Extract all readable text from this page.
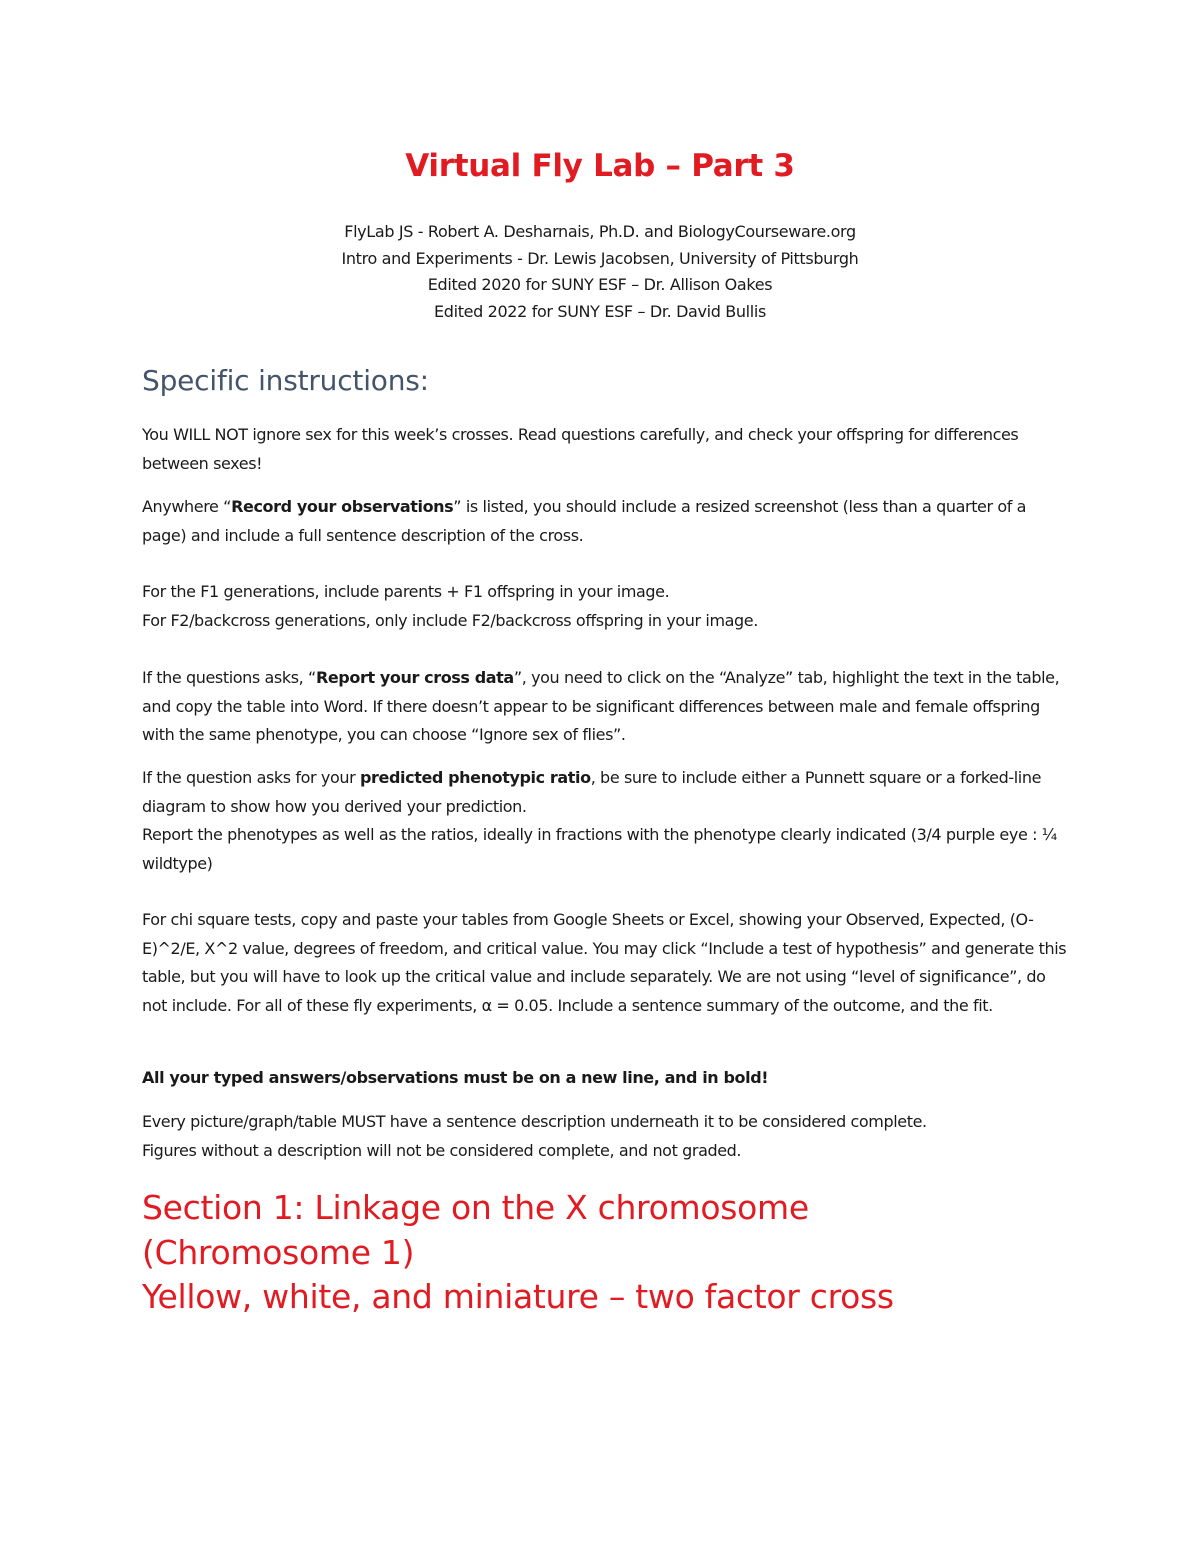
Virtual Fly Lab – Part 3
FlyLab JS - Robert A. Desharnais, Ph.D. and BiologyCourseware.org
Intro and Experiments - Dr. Lewis Jacobsen, University of Pittsburgh
Edited 2020 for SUNY ESF – Dr. Allison Oakes
Edited 2022 for SUNY ESF – Dr. David Bullis
Specific instructions:

You WILL NOT ignore sex for this week’s crosses. Read questions carefully, and check your offspring for differences between sexes!

Anywhere “Record your observations” is listed, you should include a resized screenshot (less than a quarter of a page) and include a full sentence description of the cross.

For the F1 generations, include parents + F1 offspring in your image.
For F2/backcross generations, only include F2/backcross offspring in your image.

If the questions asks, “Report your cross data”, you need to click on the “Analyze” tab, highlight the text in the table, and copy the table into Word. If there doesn’t appear to be significant differences between male and female offspring with the same phenotype, you can choose “Ignore sex of flies”.

If the question asks for your predicted phenotypic ratio, be sure to include either a Punnett square or a forked-line diagram to show how you derived your prediction.
Report the phenotypes as well as the ratios, ideally in fractions with the phenotype clearly indicated (3/4 purple eye : ¼ wildtype)

For chi square tests, copy and paste your tables from Google Sheets or Excel, showing your Observed, Expected, (O-E)^2/E, X^2 value, degrees of freedom, and critical value. You may click “Include a test of hypothesis” and generate this table, but you will have to look up the critical value and include separately. We are not using “level of significance”, do not include. For all of these fly experiments, α = 0.05. Include a sentence summary of the outcome, and the fit.

All your typed answers/observations must be on a new line, and in bold!

Every picture/graph/table MUST have a sentence description underneath it to be considered complete.
Figures without a description will not be considered complete, and not graded.

Section 1: Linkage on the X chromosome
(Chromosome 1)
Yellow, white, and miniature – two factor cross
